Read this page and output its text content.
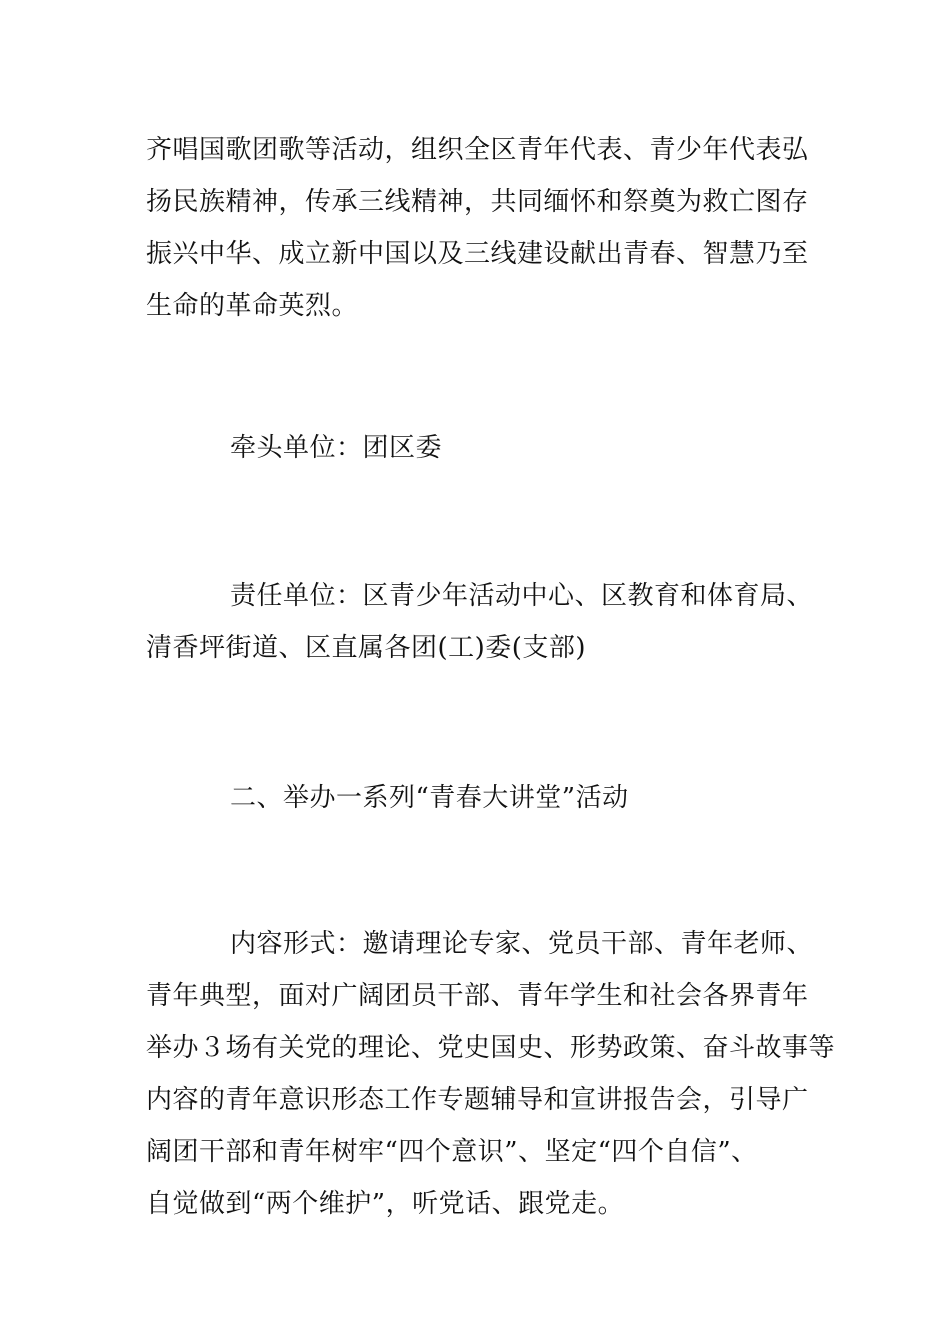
齐唱国歌团歌等活动，组织全区青年代表、青少年代表弘
扬民族精神，传承三线精神，共同缅怀和祭奠为救亡图存
振兴中华、成立新中国以及三线建设献出青春、智慧乃至
生命的革命英烈。

牵头单位：团区委

责任单位：区青少年活动中心、区教育和体育局、
清香坪街道、区直属各团(工)委(支部)

二、举办一系列“青春大讲堂”活动

内容形式：邀请理论专家、党员干部、青年老师、
青年典型，面对广阔团员干部、青年学生和社会各界青年
举办３场有关党的理论、党史国史、形势政策、奋斗故事等
内容的青年意识形态工作专题辅导和宣讲报告会，引导广
阔团干部和青年树牢“四个意识”、坚定“四个自信”、
自觉做到“两个维护”，听党话、跟党走。
